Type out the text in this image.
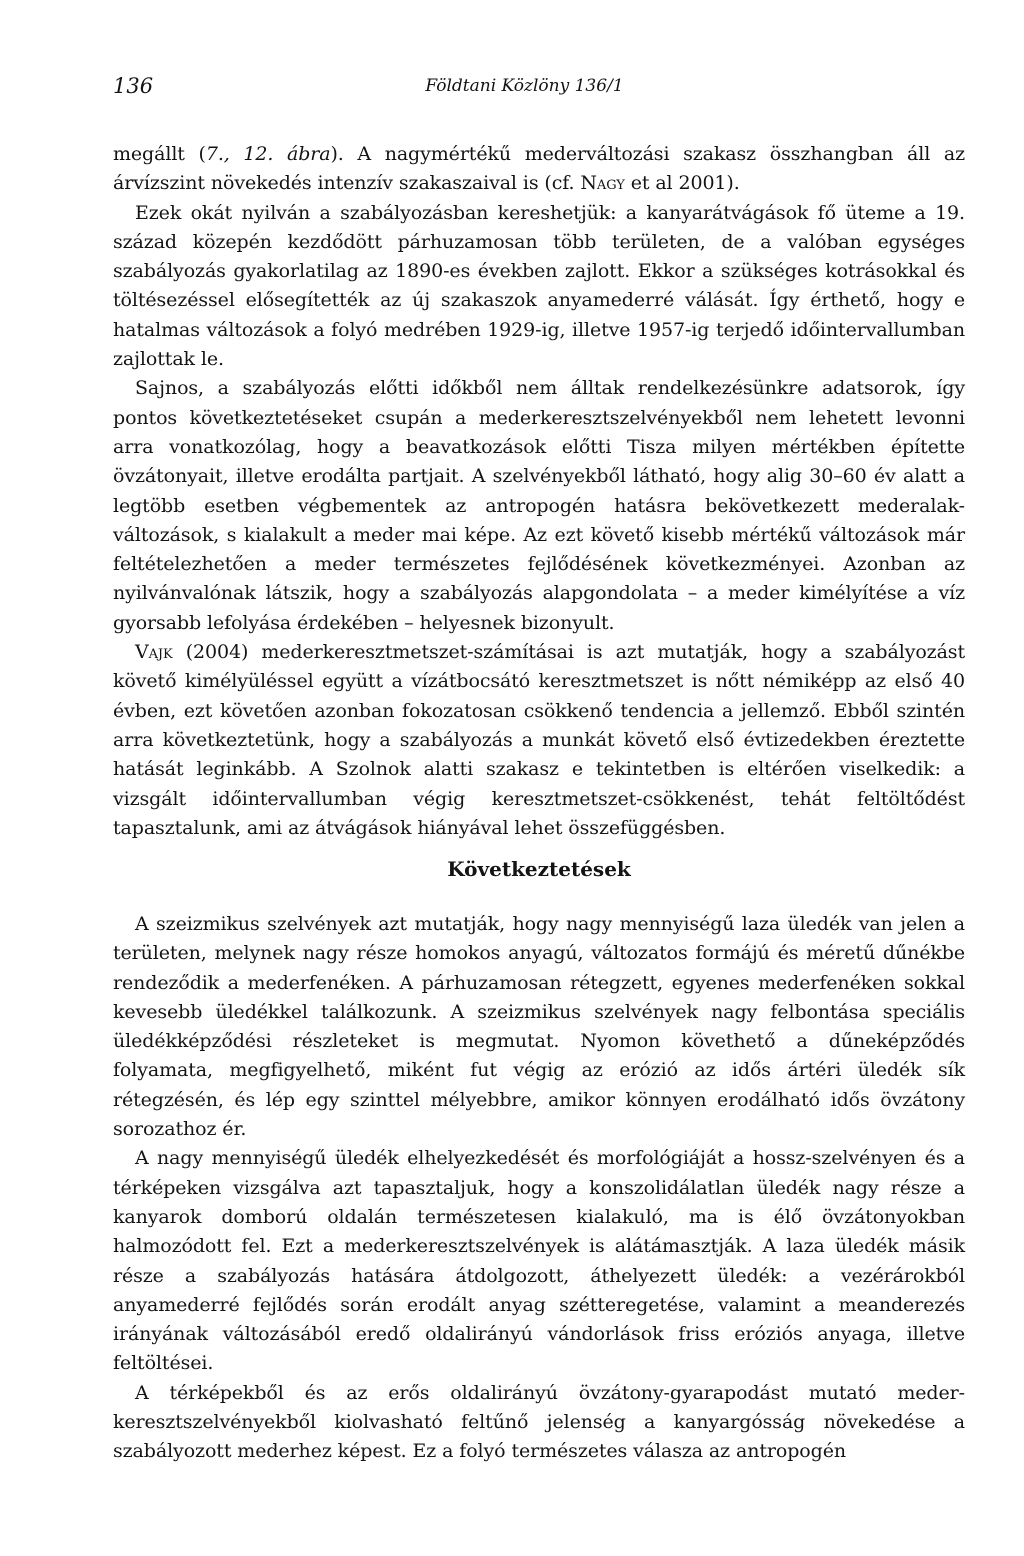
136	Földtani Közlöny 136/1

megállt (7., 12. ábra). A nagymértékű mederváltozási szakasz összhangban áll az árvízszint növekedés intenzív szakaszaival is (cf. Nagy et al 2001).

Ezek okát nyilván a szabályozásban kereshetjük: a kanyarátvágások fő üteme a 19. század közepén kezdődött párhuzamosan több területen, de a valóban egységes szabályozás gyakorlatilag az 1890-es években zajlott. Ekkor a szükséges kotrásokkal és töltésezéssel elősegítették az új szakaszok anyamederré válását. Így érthető, hogy e hatalmas változások a folyó medrében 1929-ig, illetve 1957-ig terjedő időintervallumban zajlottak le.

Sajnos, a szabályozás előtti időkből nem álltak rendelkezésünkre adatsorok, így pontos következtetéseket csupán a mederkeresztszelvényekből nem lehetett levonni arra vonatkozólag, hogy a beavatkozások előtti Tisza milyen mértékben építette övzátonyait, illetve erodálta partjait. A szelvényekből látható, hogy alig 30–60 év alatt a legtöbb esetben végbementek az antropogén hatásra bekövetkezett mederalak-változások, s kialakult a meder mai képe. Az ezt követő kisebb mértékű változások már feltételezhetően a meder természetes fejlődésének következményei. Azonban az nyilvánvalónak látszik, hogy a szabályozás alapgondolata – a meder kimélyítése a víz gyorsabb lefolyása érdekében – helyesnek bizonyult.

Vajk (2004) mederkeresztmetszet-számításai is azt mutatják, hogy a szabályozást követő kimélyüléssel együtt a vízátbocsátó keresztmetszet is nőtt némiképp az első 40 évben, ezt követően azonban fokozatosan csökkenő tendencia a jellemző. Ebből szintén arra következtetünk, hogy a szabályozás a munkát követő első évtizedekben éreztette hatását leginkább. A Szolnok alatti szakasz e tekintetben is eltérően viselkedik: a vizsgált időintervallumban végig keresztmetszet-csökkenést, tehát feltöltődést tapasztalunk, ami az átvágások hiányával lehet összefüggésben.

Következtetések

A szeizmikus szelvények azt mutatják, hogy nagy mennyiségű laza üledék van jelen a területen, melynek nagy része homokos anyagú, változatos formájú és méretű dűnékbe rendeződik a mederfenéken. A párhuzamosan rétegzett, egyenes mederfenéken sokkal kevesebb üledékkel találkozunk. A szeizmikus szelvények nagy felbontása speciális üledékképződési részleteket is megmutat. Nyomon követhető a dűneképződés folyamata, megfigyelhető, miként fut végig az erózió az idős ártéri üledék sík rétegzésén, és lép egy szinttel mélyebbre, amikor könnyen erodálható idős övzátony sorozathoz ér.

A nagy mennyiségű üledék elhelyezkedését és morfológiáját a hossz-szelvényen és a térképeken vizsgálva azt tapasztaljuk, hogy a konszolidálatlan üledék nagy része a kanyarok domború oldalán természetesen kialakuló, ma is élő övzátonyokban halmozódott fel. Ezt a mederkeresztszelvények is alátámasztják. A laza üledék másik része a szabályozás hatására átdolgozott, áthelyezett üledék: a vezérárokból anyamederré fejlődés során erodált anyag szétteregetése, valamint a meanderezés irányának változásából eredő oldalirányú vándorlások friss eróziós anyaga, illetve feltöltései.

A térképekből és az erős oldalirányú övzátony-gyarapodást mutató mederkeresztszelvényekből kiolvasható feltűnő jelenség a kanyargósság növekedése a szabályozott mederhez képest. Ez a folyó természetes válasza az antropogén
